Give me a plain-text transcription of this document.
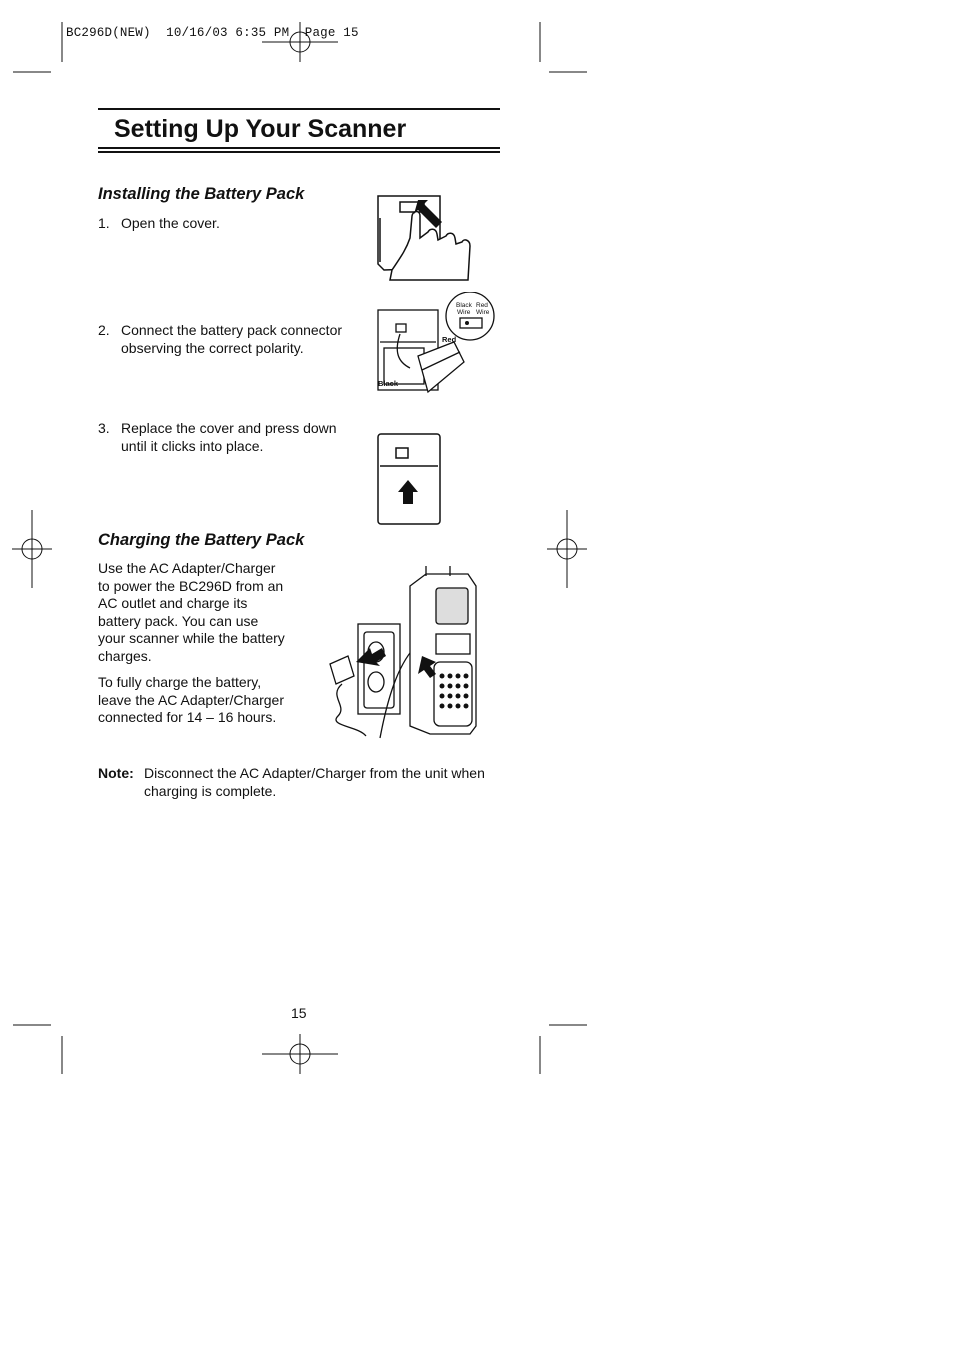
BC296D(NEW)  10/16/03 6:35 PM  Page 15
Setting Up Your Scanner
Installing the Battery Pack
1. Open the cover.
2. Connect the battery pack connector
observing the correct polarity.
3. Replace the cover and press down
until it clicks into place.
Black
Wire
Red
Wire
Red
Black
Charging the Battery Pack
Use the AC Adapter/Charger
to power the BC296D from an
AC outlet and charge its
battery pack. You can use
your scanner while the battery
charges.
To fully charge the battery,
leave the AC Adapter/Charger
connected for 14 – 16 hours.
Note: Disconnect the AC Adapter/Charger from the unit when
charging is complete.
15
